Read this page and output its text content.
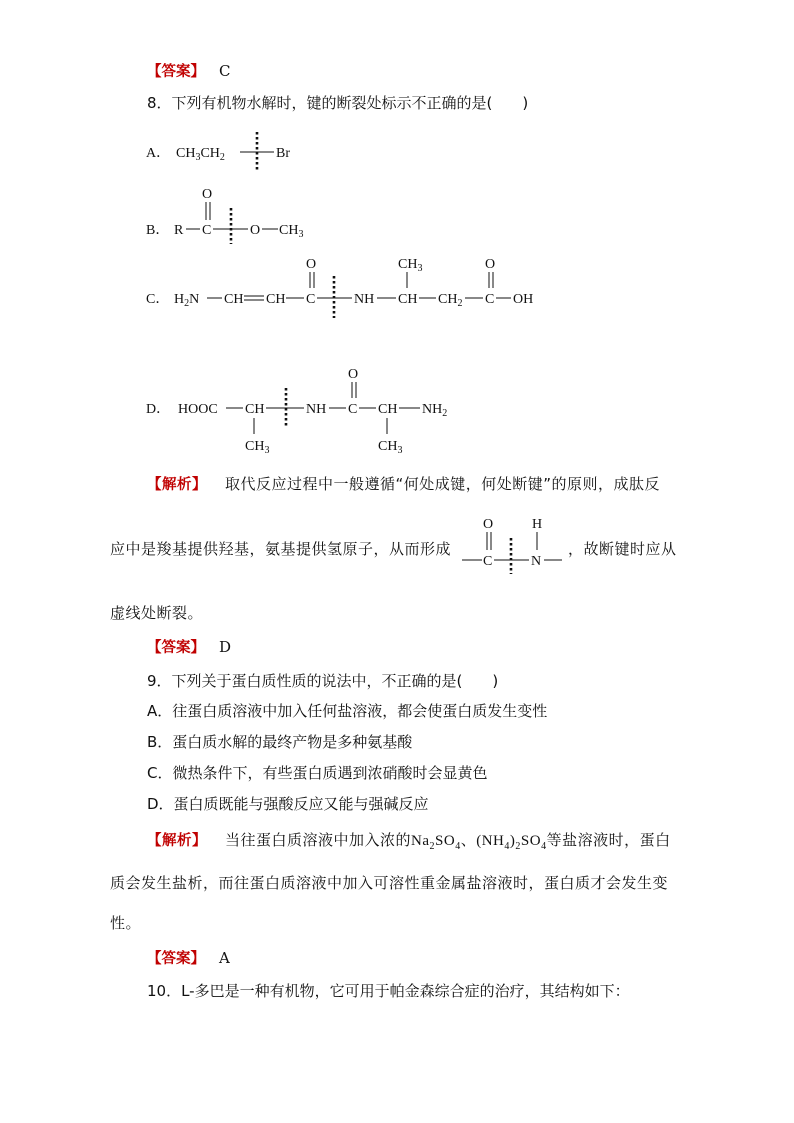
【答案】 C
8．下列有机物水解时，键的断裂处标示不正确的是(　　)
A． $CH_3CH_2$	Br
B． R C
O
O $CH_3$
C． $H_2N$ CH CH C
O
NH CH
$CH_3$
$CH_2$ C
O
OH
D． HOOC CH
$CH_3$
NH C
O
CH
$CH_3$
$NH_2$
【解析】 取代反应过程中一般遵循“何处成键，何处断键”的原则，成肽反
应中是羧基提供羟基，氨基提供氢原子，从而形成
C
O
N
H
，故断键时应从
虚线处断裂。
【答案】 D
9．下列关于蛋白质性质的说法中，不正确的是(　　)
A．往蛋白质溶液中加入任何盐溶液，都会使蛋白质发生变性
B．蛋白质水解的最终产物是多种氨基酸
C．微热条件下，有些蛋白质遇到浓硝酸时会显黄色
D．蛋白质既能与强酸反应又能与强碱反应
【解析】 当往蛋白质溶液中加入浓的$Na_2SO_4$、$(NH_4)_2SO_4$等盐溶液时，蛋白
质会发生盐析，而往蛋白质溶液中加入可溶性重金属盐溶液时，蛋白质才会发生变
性。
【答案】 A
10．L-多巴是一种有机物，它可用于帕金森综合症的治疗，其结构如下：
